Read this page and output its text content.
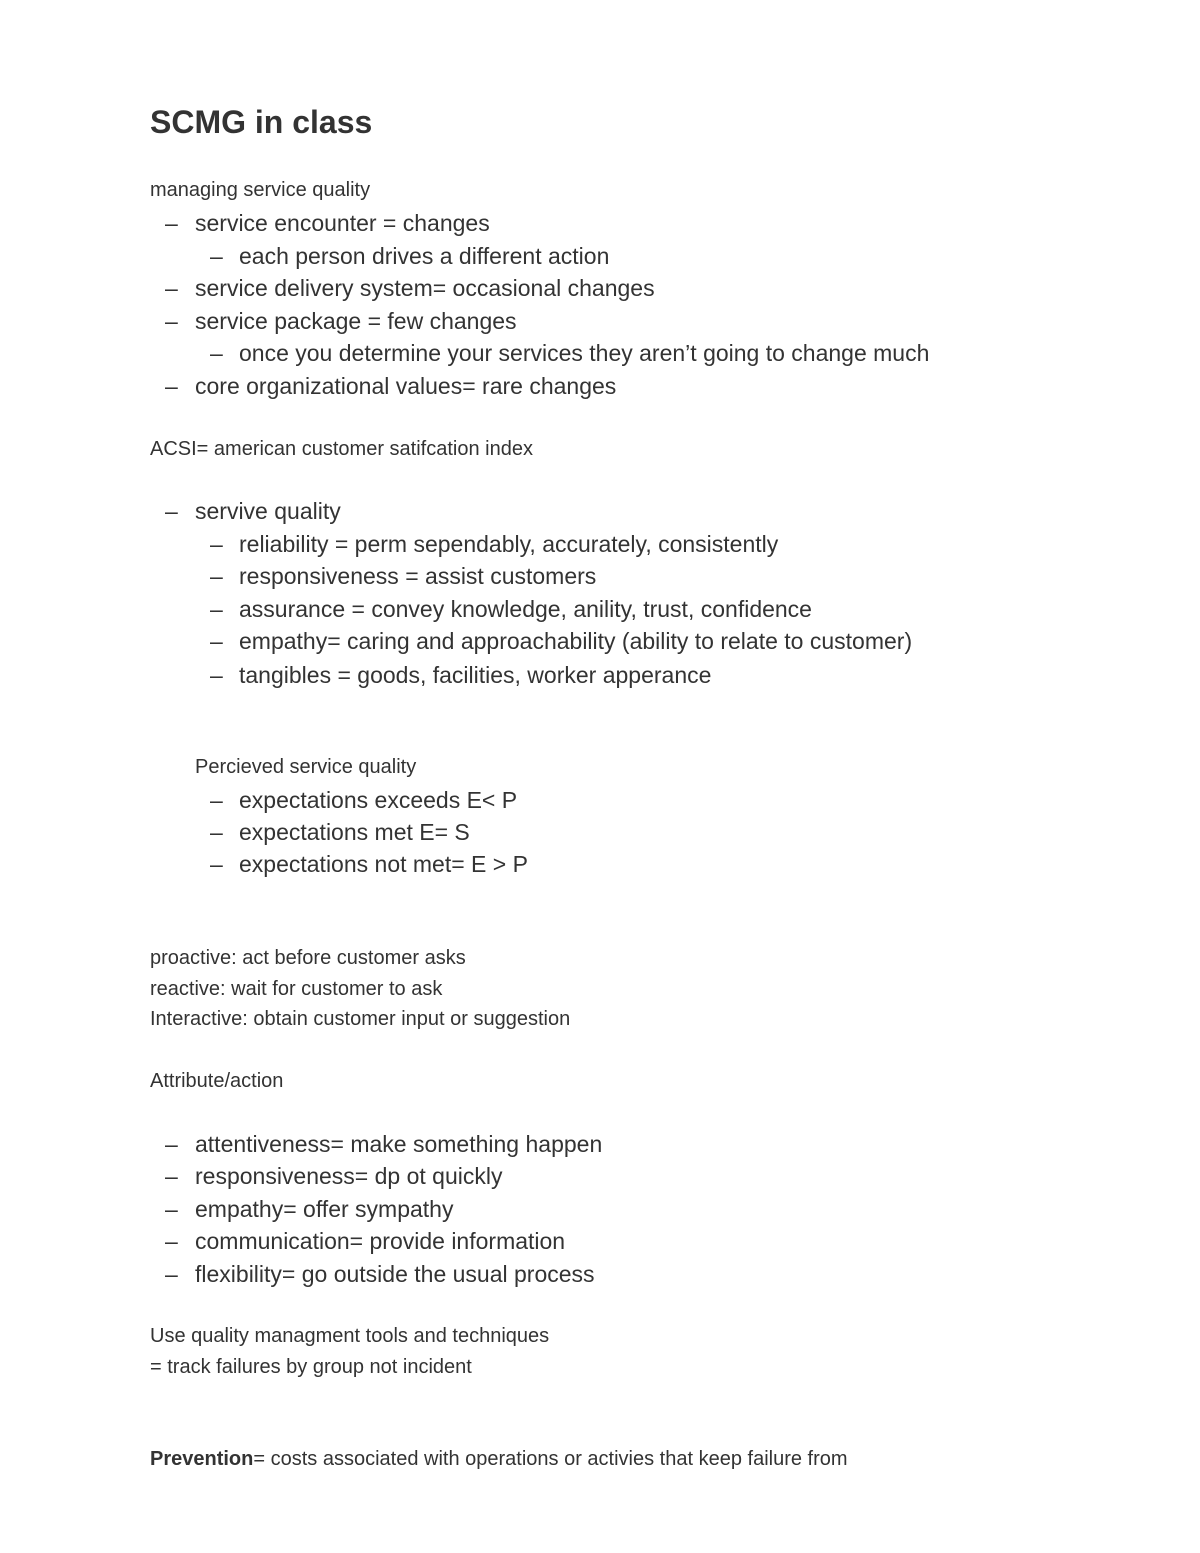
SCMG in class
managing service quality
– service encounter = changes
– each person drives a different action
– service delivery system= occasional changes
– service package = few changes
– once you determine your services they aren’t going to change much
– core organizational values= rare changes
ACSI= american customer satifcation index
– servive quality
– reliability = perm sependably, accurately, consistently
– responsiveness = assist customers
– assurance = convey knowledge, anility, trust, confidence
– empathy= caring and approachability (ability to relate to customer)
– tangibles = goods, facilities, worker apperance
Percieved service quality
– expectations exceeds E< P
– expectations met E= S
– expectations not met= E > P
proactive: act before customer asks
reactive: wait for customer to ask
Interactive: obtain customer input or suggestion
Attribute/action
– attentiveness= make something happen
– responsiveness= dp ot quickly
– empathy= offer sympathy
– communication= provide information
– flexibility= go outside the usual process
Use quality managment tools and techniques
= track failures by group not incident
Prevention= costs associated with operations or activies that keep failure from
